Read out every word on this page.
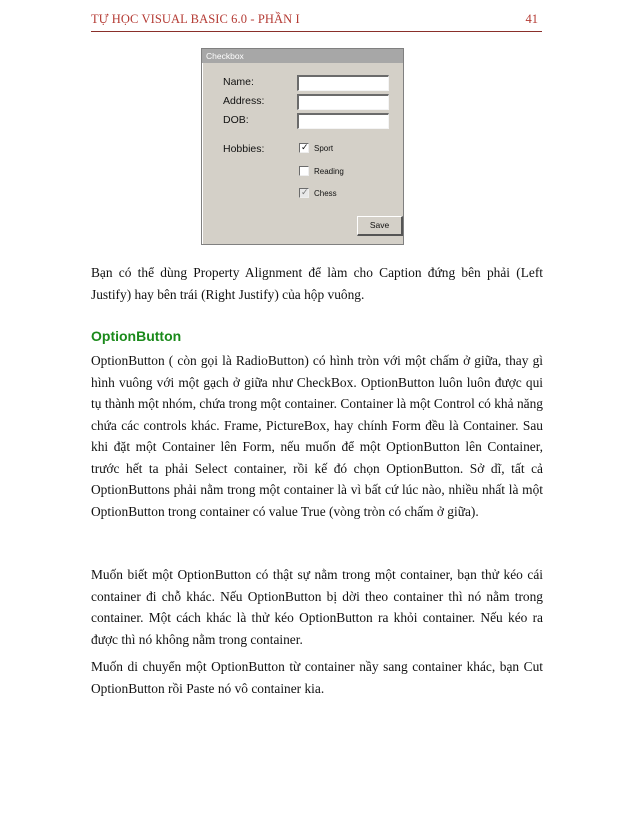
TỰ HỌC VISUAL BASIC 6.0 - PHẦN I	41
Checkbox
Name:
Address:
DOB:
Hobbies:	✓ Sport
Reading
✓ Chess
Save

Bạn có thể dùng Property Alignment để làm cho Caption đứng bên phải (Left Justify) hay bên trái (Right Justify) của hộp vuông.

OptionButton

OptionButton ( còn gọi là RadioButton) có hình tròn với một chấm ở giữa, thay gì hình vuông với một gạch ở giữa như CheckBox. OptionButton luôn luôn được qui tụ thành một nhóm, chứa trong một container. Container là một Control có khả năng chứa các controls khác. Frame, PictureBox, hay chính Form đều là Container. Sau khi đặt một Container lên Form, nếu muốn để một OptionButton lên Container, trước hết ta phải Select container, rồi kế đó chọn OptionButton. Sở dĩ, tất cả OptionButtons phải nằm trong một container là vì bất cứ lúc nào, nhiều nhất là một OptionButton trong container có value True (vòng tròn có chấm ở giữa).

Muốn biết một OptionButton có thật sự nằm trong một container, bạn thử kéo cái container đi chỗ khác. Nếu OptionButton bị dời theo container thì nó nằm trong container. Một cách khác là thử kéo OptionButton ra khỏi container. Nếu kéo ra được thì nó không nằm trong container.

Muốn di chuyển một OptionButton từ container nầy sang container khác, bạn Cut OptionButton rồi Paste nó vô container kia.
